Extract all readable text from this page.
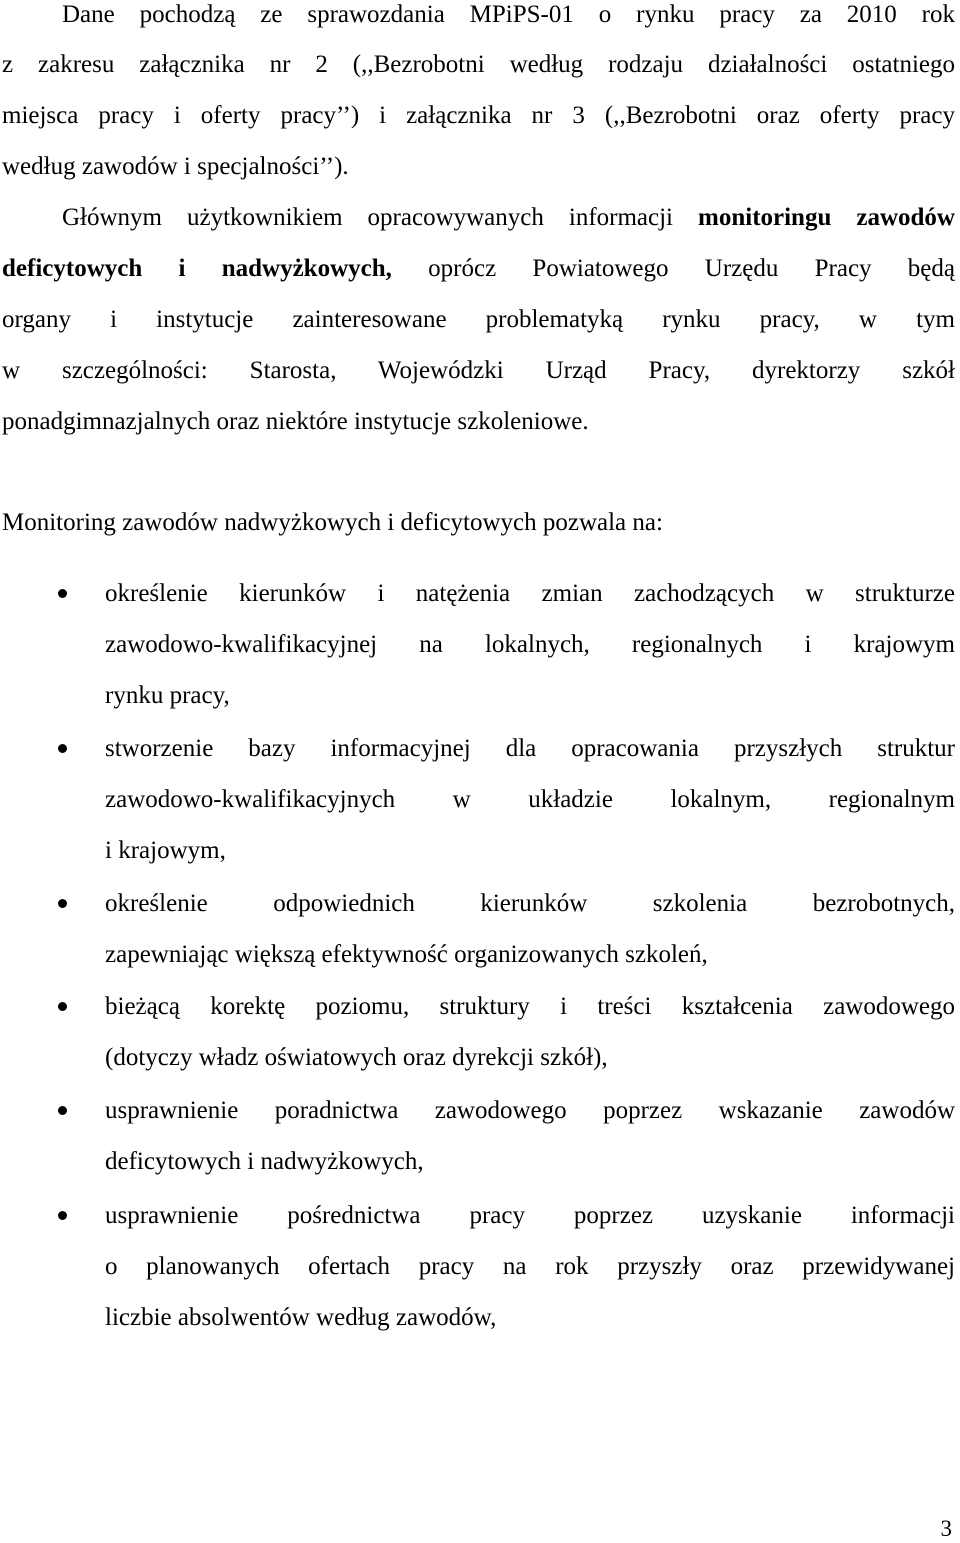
Dane pochodzą ze sprawozdania MPiPS-01 o rynku pracy za 2010 rok
z zakresu załącznika nr 2 (,,Bezrobotni według rodzaju działalności ostatniego
miejsca pracy i oferty pracy’’) i załącznika nr 3 (,,Bezrobotni oraz oferty pracy
według zawodów i specjalności’’).
Głównym użytkownikiem opracowywanych informacji monitoringu zawodów
deficytowych i nadwyżkowych, oprócz Powiatowego Urzędu Pracy będą
organy i instytucje zainteresowane problematyką rynku pracy, w tym
w szczególności: Starosta, Wojewódzki Urząd Pracy, dyrektorzy szkół
ponadgimnazjalnych oraz niektóre instytucje szkoleniowe.
Monitoring zawodów nadwyżkowych i deficytowych pozwala na:
określenie kierunków i natężenia zmian zachodzących w strukturze
zawodowo-kwalifikacyjnej na lokalnych, regionalnych i krajowym
rynku pracy,
stworzenie bazy informacyjnej dla opracowania przyszłych struktur
zawodowo-kwalifikacyjnych w układzie lokalnym, regionalnym
i krajowym,
określenie odpowiednich kierunków szkolenia bezrobotnych,
zapewniając większą efektywność organizowanych szkoleń,
bieżącą korektę poziomu, struktury i treści kształcenia zawodowego
(dotyczy władz oświatowych oraz dyrekcji szkół),
usprawnienie poradnictwa zawodowego poprzez wskazanie zawodów
deficytowych i nadwyżkowych,
usprawnienie pośrednictwa pracy poprzez uzyskanie informacji
o planowanych ofertach pracy na rok przyszły oraz przewidywanej
liczbie absolwentów według zawodów,
3
